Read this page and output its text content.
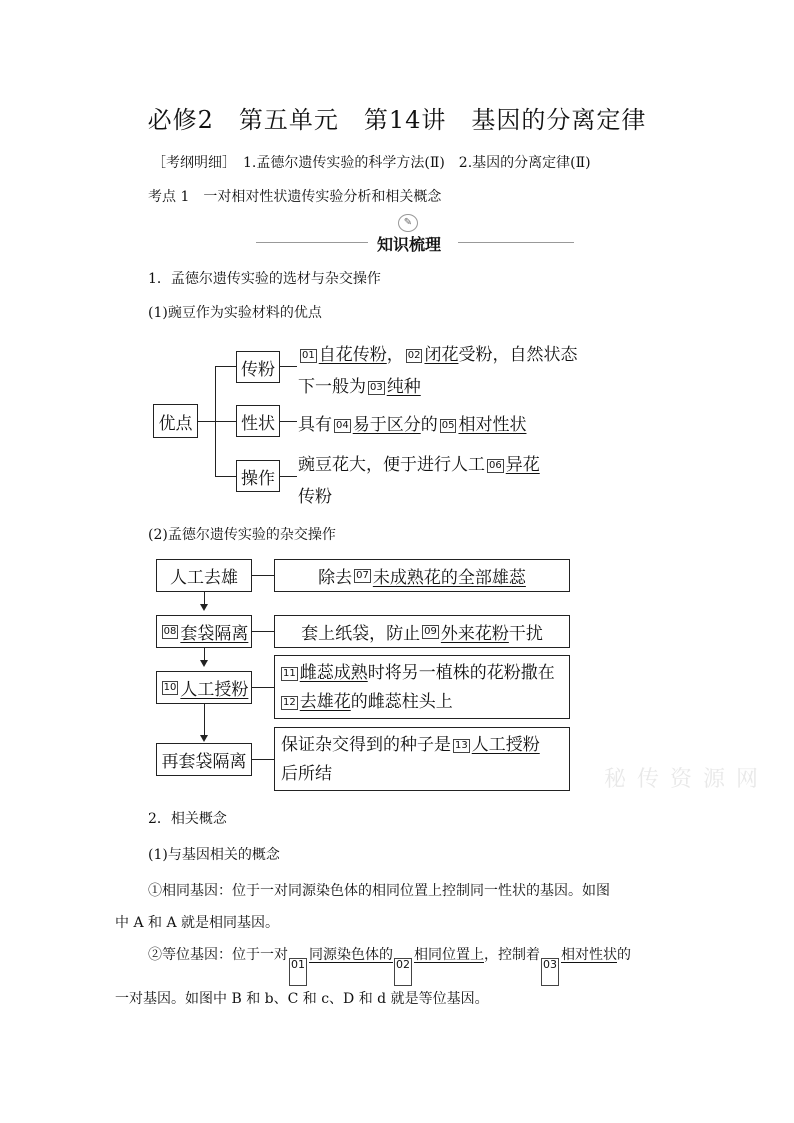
必修2　第五单元　第14讲　基因的分离定律
［考纲明细］　1.孟德尔遗传实验的科学方法(Ⅱ)　2.基因的分离定律(Ⅱ)
考点 1　一对相对性状遗传实验分析和相关概念
✎
知识梳理
1．孟德尔遗传实验的选材与杂交操作
(1)豌豆作为实验材料的优点
优点
传粉
性状
操作
01 自花传粉， 02 闭花受粉，自然状态
下一般为 03 纯种
具有 04 易于区分的 05 相对性状
豌豆花大，便于进行人工 06 异花
传粉
(2)孟德尔遗传实验的杂交操作
人工去雄
08 套袋隔离
10 人工授粉
再套袋隔离
除去 07 未成熟花的全部雄蕊
套上纸袋，防止 09 外来花粉 干扰
11 雌蕊成熟时将另一植株的花粉撒在
12 去雄花的雌蕊柱头上
保证杂交得到的种子是 13 人工授粉
后所结	秘 传 资 源 网
2．相关概念
(1)与基因相关的概念
①相同基因：位于一对同源染色体的相同位置上控制同一性状的基因。如图
中 A 和 A 就是相同基因。
②等位基因：位于一对01同源染色体的02相同位置上，控制着03相对性状的
一对基因。如图中 B 和 b、C 和 c、D 和 d 就是等位基因。
